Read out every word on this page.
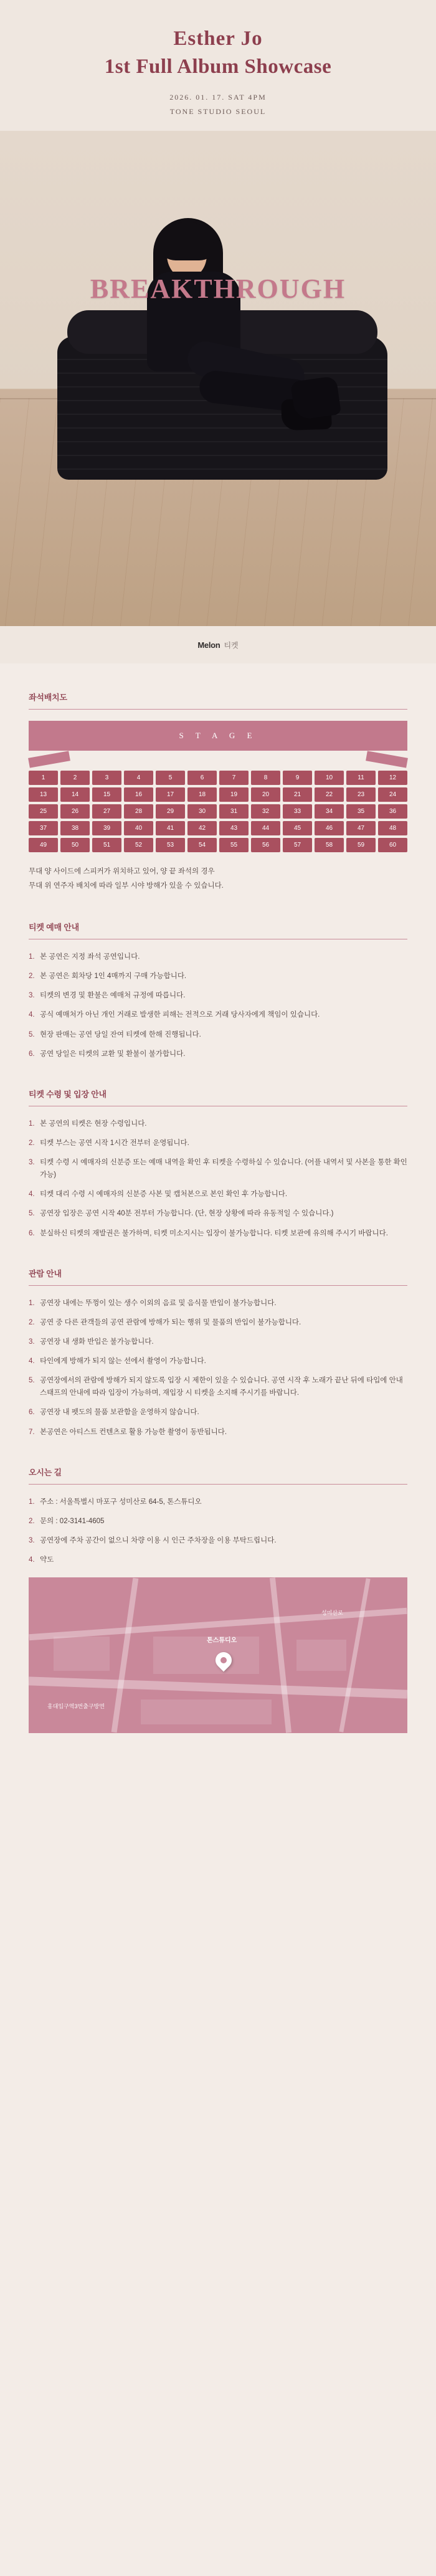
Esther Jo
1st Full Album Showcase
2026. 01. 17. SAT 4PM
TONE STUDIO SEOUL
BREAKTHROUGH
Melon 티켓
좌석배치도
S T A G E
1	2	3	4	5	6	7	8	9	10	11	12
13	14	15	16	17	18	19	20	21	22	23	24
25	26	27	28	29	30	31	32	33	34	35	36
37	38	39	40	41	42	43	44	45	46	47	48
49	50	51	52	53	54	55	56	57	58	59	60
무대 양 사이드에 스피커가 위치하고 있어, 양 끝 좌석의 경우
무대 위 연주자 배치에 따라 일부 시야 방해가 있을 수 있습니다.
티켓 예매 안내
본 공연은 지정 좌석 공연입니다.
본 공연은 회차당 1인 4매까지 구매 가능합니다.
티켓의 변경 및 환불은 예매처 규정에 따릅니다.
공식 예매처가 아닌 개인 거래로 발생한 피해는 전적으로 거래 당사자에게 책임이 있습니다.
현장 판매는 공연 당일 잔여 티켓에 한해 진행됩니다.
공연 당일은 티켓의 교환 및 환불이 불가합니다.
티켓 수령 및 입장 안내
본 공연의 티켓은 현장 수령입니다.
티켓 부스는 공연 시작 1시간 전부터 운영됩니다.
티켓 수령 시 예매자의 신분증 또는 예매 내역을 확인 후 티켓을 수령하실 수 있습니다. (어플 내역서 및 사본을 통한 확인 가능)
티켓 대리 수령 시 예매자의 신분증 사본 및 캡처본으로 본인 확인 후 가능합니다.
공연장 입장은 공연 시작 40분 전부터 가능합니다. (단, 현장 상황에 따라 유동적일 수 있습니다.)
분실하신 티켓의 재발권은 불가하며, 티켓 미소지시는 입장이 불가능합니다. 티켓 보관에 유의해 주시기 바랍니다.
관람 안내
공연장 내에는 뚜껑이 있는 생수 이외의 음료 및 음식물 반입이 불가능합니다.
공연 중 다른 관객들의 공연 관람에 방해가 되는 행위 및 물품의 반입이 불가능합니다.
공연장 내 생화 반입은 불가능합니다.
타인에게 방해가 되지 않는 선에서 촬영이 가능합니다.
공연장에서의 관람에 방해가 되지 않도록 입장 시 제한이 있을 수 있습니다. 공연 시작 후 노래가 끝난 뒤에 타입에 안내 스태프의 안내에 따라 입장이 가능하며, 재입장 시 티켓을 소지해 주시기를 바랍니다.
공연장 내 펫도의 물품 보관함을 운영하지 않습니다.
본공연은 아티스트 컨텐츠로 활용 가능한 촬영이 동반됩니다.
오시는 길
주소 : 서울특별시 마포구 성미산로 64-5, 톤스튜디오
문의 : 02-3141-4605
공연장에 주차 공간이 없으니 차량 이용 시 인근 주차장을 이용 부탁드립니다.
약도
톤스튜디오
성미산로
홍대입구역3번출구방면
